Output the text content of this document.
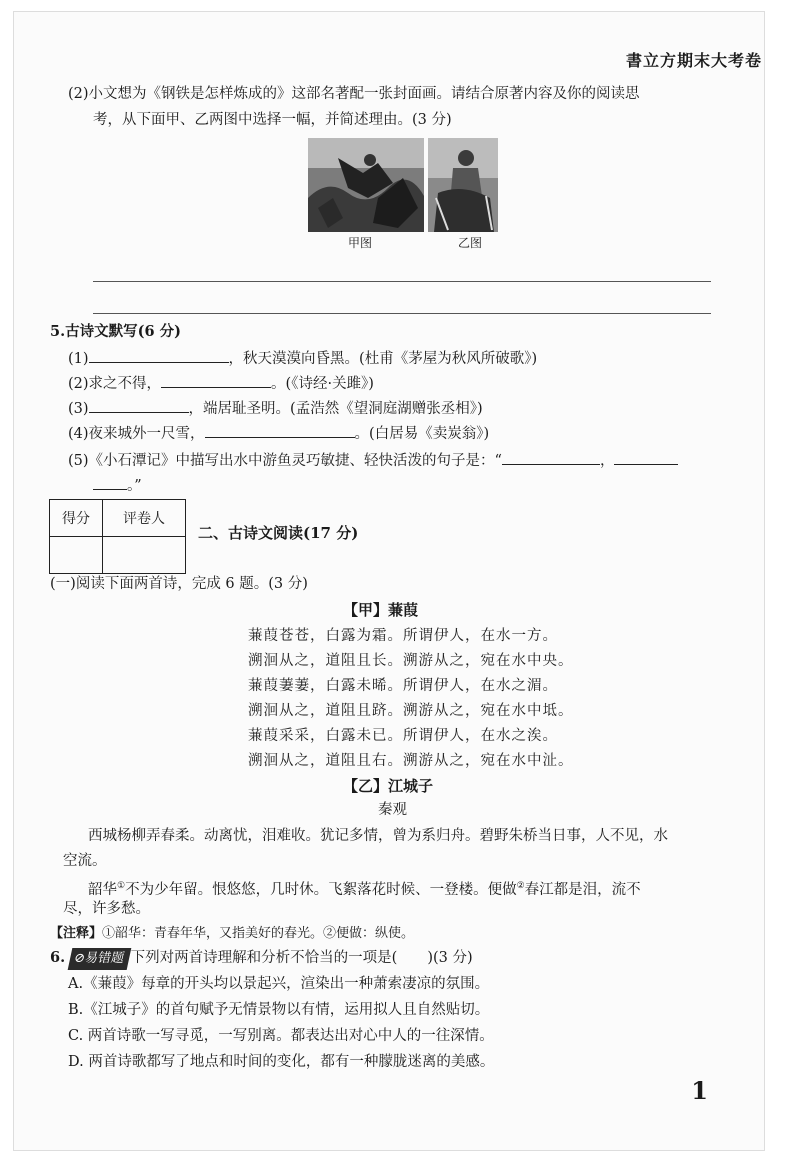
書立方期末大考卷
(2)小文想为《钢铁是怎样炼成的》这部名著配一张封面画。请结合原著内容及你的阅读思
考，从下面甲、乙两图中选择一幅，并简述理由。(3 分)
甲图	乙图
5.古诗文默写(6 分)
(1)	，秋天漠漠向昏黑。(杜甫《茅屋为秋风所破歌》)
(2)求之不得，	。(《诗经·关雎》)
(3)	，端居耻圣明。(孟浩然《望洞庭湖赠张丞相》)
(4)夜来城外一尺雪，	。(白居易《卖炭翁》)
(5)《小石潭记》中描写出水中游鱼灵巧敏捷、轻快活泼的句子是：“	，
。”
得分	评卷人

二、古诗文阅读(17 分)
(一)阅读下面两首诗，完成 6 题。(3 分)
【甲】蒹葭
蒹葭苍苍，白露为霜。所谓伊人，在水一方。
溯洄从之，道阻且长。溯游从之，宛在水中央。
蒹葭萋萋，白露未晞。所谓伊人，在水之湄。
溯洄从之，道阻且跻。溯游从之，宛在水中坻。
蒹葭采采，白露未已。所谓伊人，在水之涘。
溯洄从之，道阻且右。溯游从之，宛在水中沚。
【乙】江城子
秦观
西城杨柳弄春柔。动离忧，泪难收。犹记多情，曾为系归舟。碧野朱桥当日事，人不见，水
空流。
韶华①不为少年留。恨悠悠，几时休。飞絮落花时候、一登楼。便做②春江都是泪，流不
尽，许多愁。
【注释】①韶华：青春年华，又指美好的春光。②便做：纵使。
6. ⊘易错题 下列对两首诗理解和分析不恰当的一项是( )(3 分)
A.《蒹葭》每章的开头均以景起兴，渲染出一种萧索凄凉的氛围。
B.《江城子》的首句赋予无情景物以有情，运用拟人且自然贴切。
C. 两首诗歌一写寻觅，一写别离。都表达出对心中人的一往深情。
D. 两首诗歌都写了地点和时间的变化，都有一种朦胧迷离的美感。
1
